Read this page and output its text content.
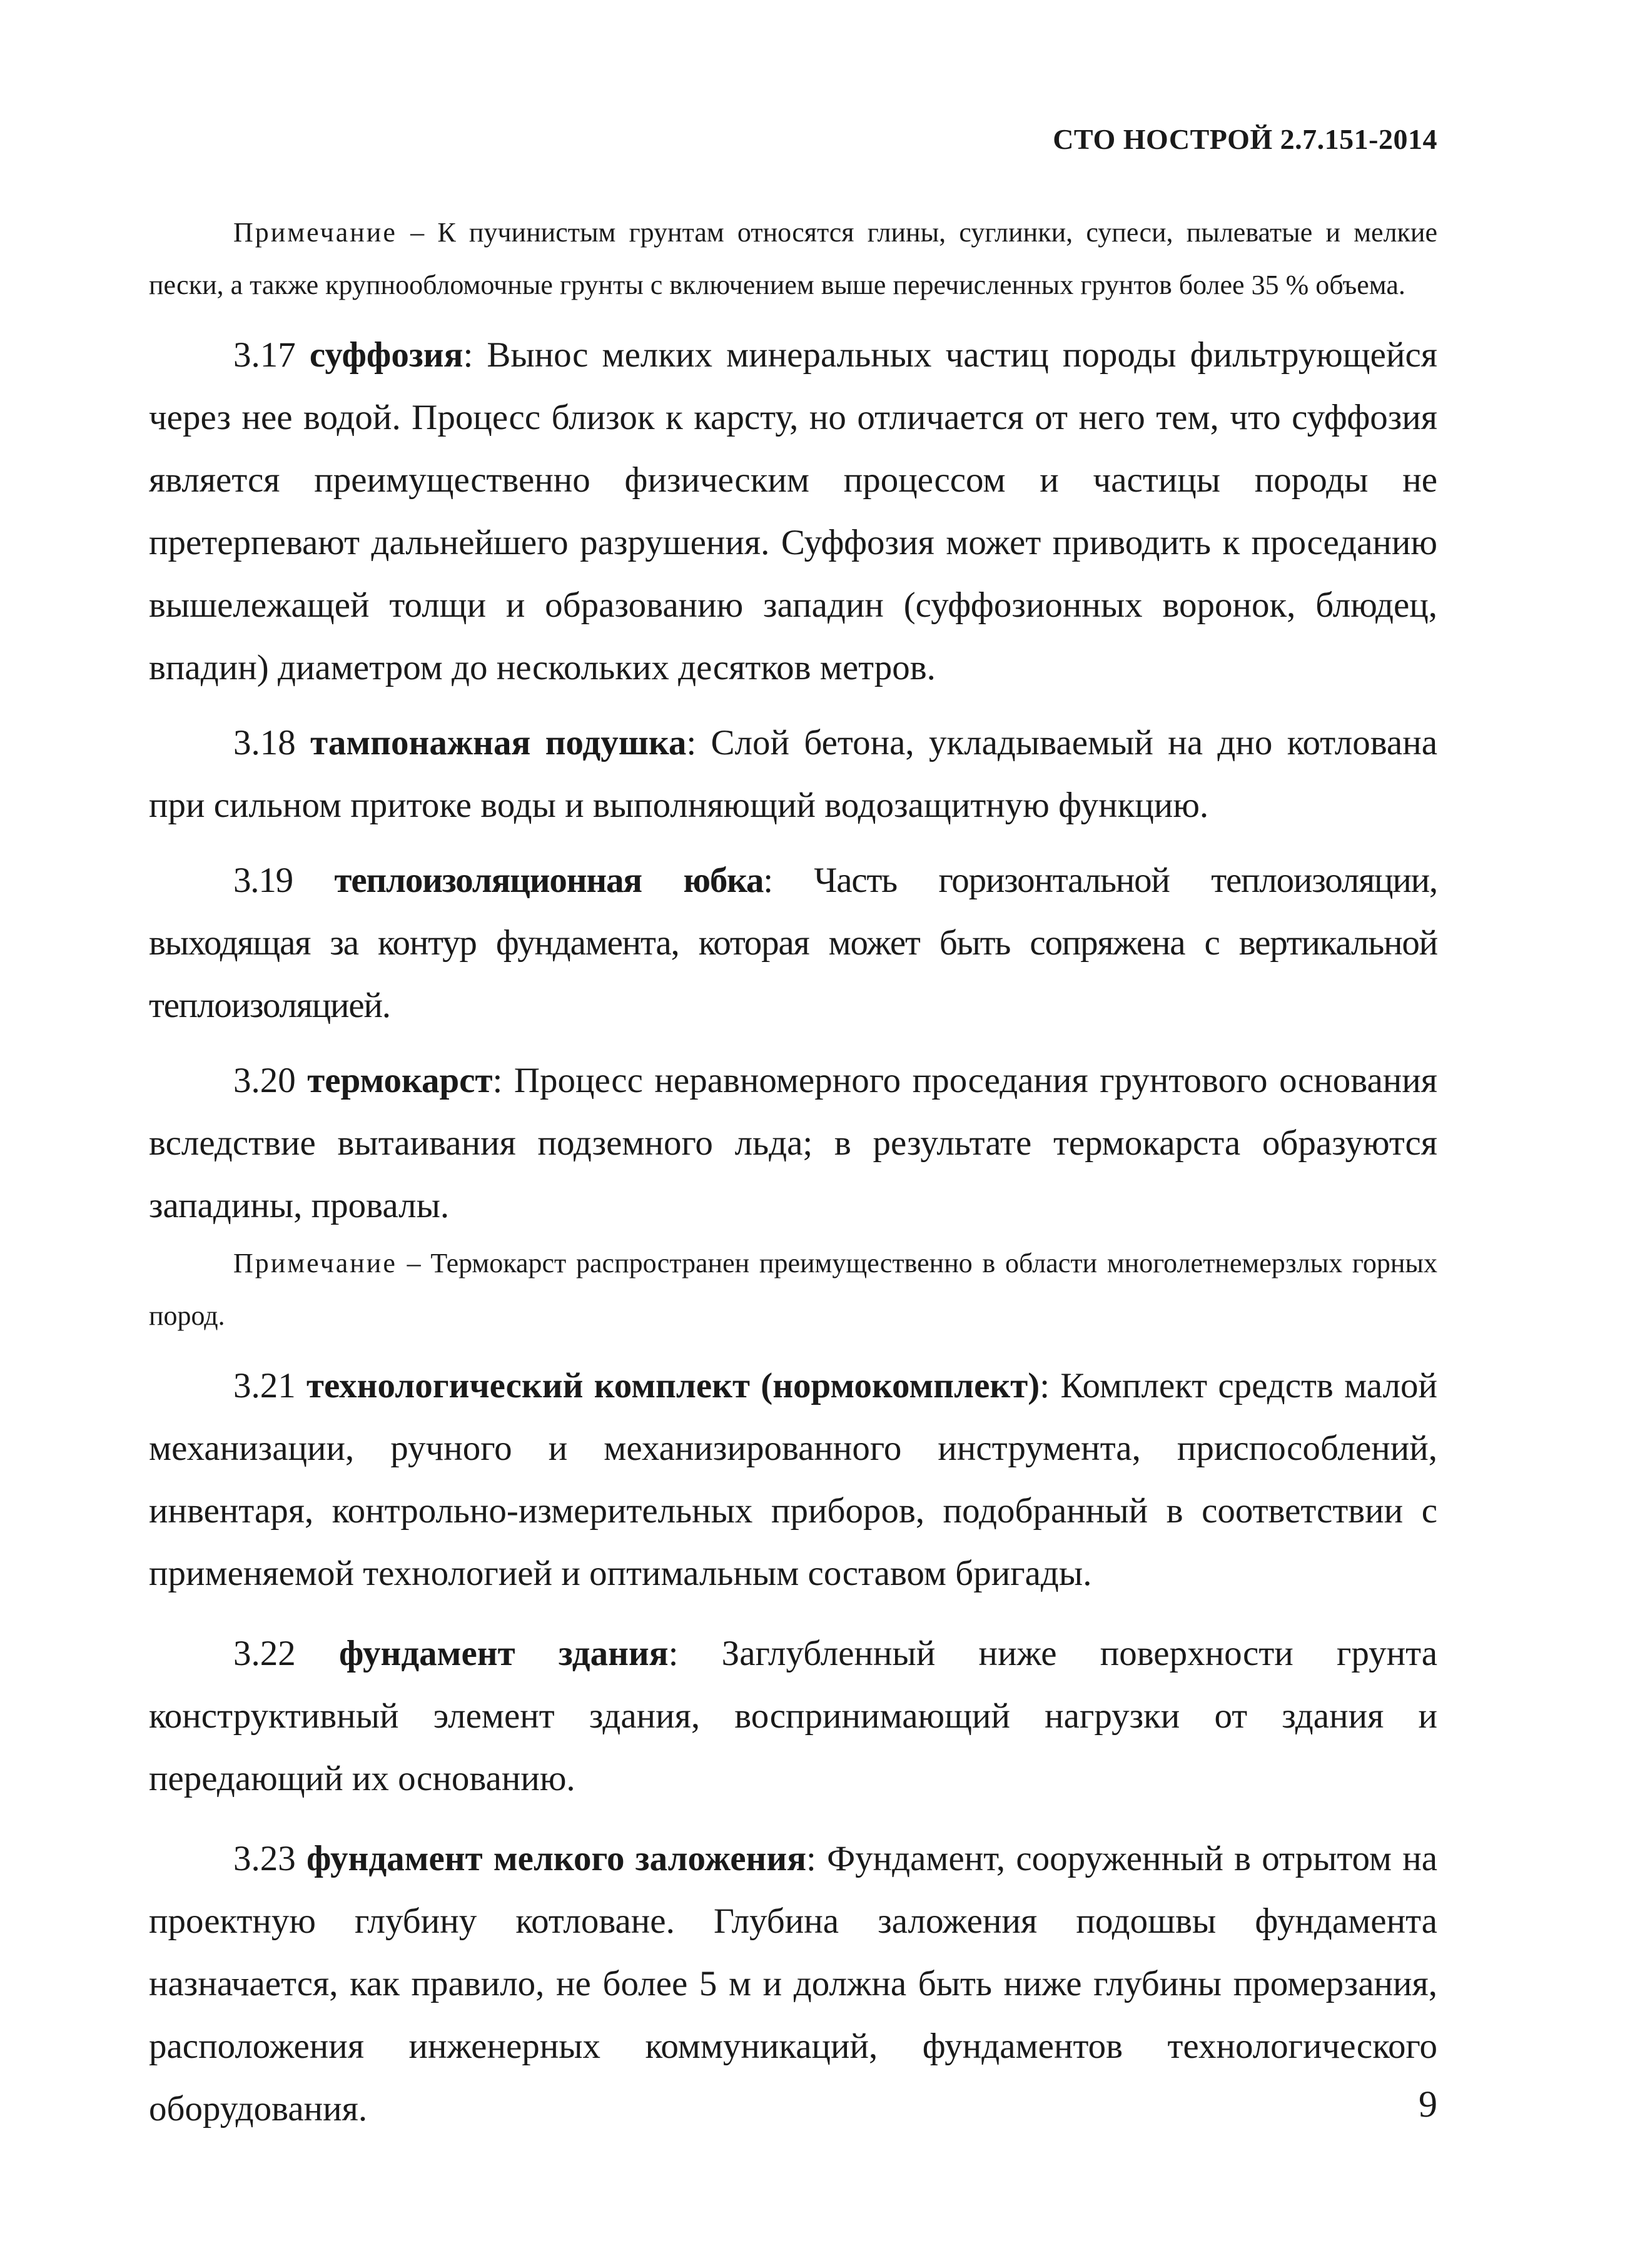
СТО НОСТРОЙ 2.7.151-2014

Примечание – К пучинистым грунтам относятся глины, суглинки, супеси, пылеватые и мелкие пески, а также крупнообломочные грунты с включением выше перечисленных грунтов более 35 % объема.

3.17 суффозия: Вынос мелких минеральных частиц породы фильтрующейся через нее водой. Процесс близок к карсту, но отличается от него тем, что суффозия является преимущественно физическим процессом и частицы породы не претерпевают дальнейшего разрушения. Суффозия может приводить к проседанию вышележащей толщи и образованию западин (суффозионных воронок, блюдец, впадин) диаметром до нескольких десятков метров.

3.18 тампонажная подушка: Слой бетона, укладываемый на дно котлована при сильном притоке воды и выполняющий водозащитную функцию.

3.19 теплоизоляционная юбка: Часть горизонтальной теплоизоляции, выходящая за контур фундамента, которая может быть сопряжена с вертикальной теплоизоляцией.

3.20 термокарст: Процесс неравномерного проседания грунтового основания вследствие вытаивания подземного льда; в результате термокарста образуются западины, провалы.

Примечание – Термокарст распространен преимущественно в области многолетнемерзлых горных пород.

3.21 технологический комплект (нормокомплект): Комплект средств малой механизации, ручного и механизированного инструмента, приспособлений, инвентаря, контрольно-измерительных приборов, подобранный в соответствии с применяемой технологией и оптимальным составом бригады.

3.22 фундамент здания: Заглубленный ниже поверхности грунта конструктивный элемент здания, воспринимающий нагрузки от здания и передающий их основанию.

3.23 фундамент мелкого заложения: Фундамент, сооруженный в отрытом на проектную глубину котловане. Глубина заложения подошвы фундамента назначается, как правило, не более 5 м и должна быть ниже глубины промерзания, расположения инженерных коммуникаций, фундаментов технологического оборудования.	9
